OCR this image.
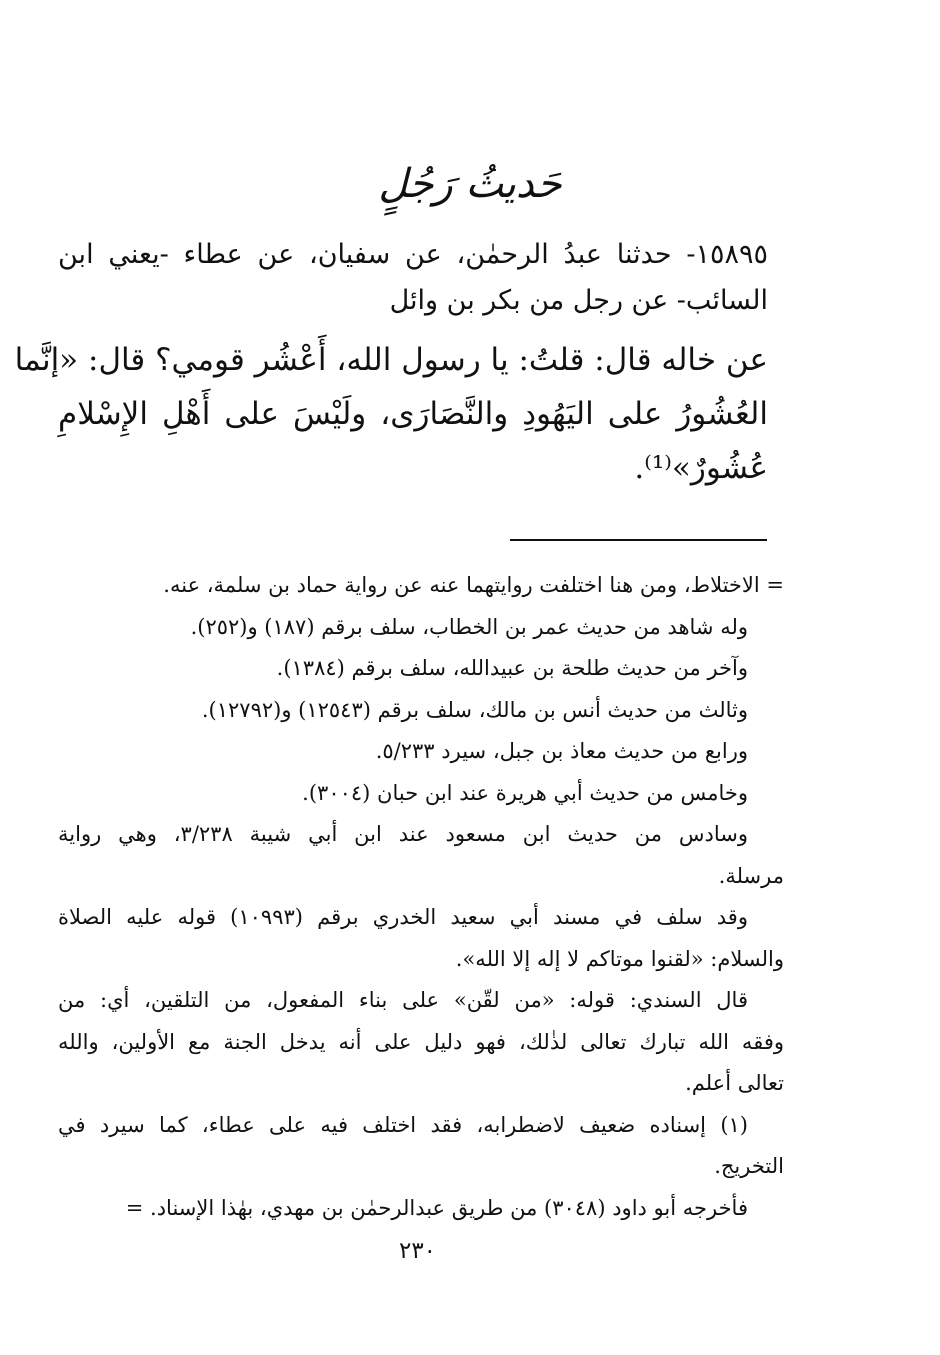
حَديثُ رَجُلٍ
١٥٨٩٥- حدثنا عبدُ الرحمٰن، عن سفيان، عن عطاء -يعني ابن
السائب- عن رجل من بكر بن وائل
عن خاله قال: قلتُ: يا رسول الله، أَعْشُر قومي؟ قال: «إنَّما
العُشُورُ على اليَهُودِ والنَّصَارَى، ولَيْسَ على أَهْلِ الإِسْلامِ
عُشُورٌ»⁽¹⁾.
= الاختلاط، ومن هنا اختلفت روايتهما عنه عن رواية حماد بن سلمة، عنه.
وله شاهد من حديث عمر بن الخطاب، سلف برقم (١٨٧) و(٢٥٢).
وآخر من حديث طلحة بن عبيدالله، سلف برقم (١٣٨٤).
وثالث من حديث أنس بن مالك، سلف برقم (١٢٥٤٣) و(١٢٧٩٢).
ورابع من حديث معاذ بن جبل، سيرد ٥/٢٣٣.
وخامس من حديث أبي هريرة عند ابن حبان (٣٠٠٤).
وسادس من حديث ابن مسعود عند ابن أبي شيبة ٣/٢٣٨، وهي رواية
مرسلة.
وقد سلف في مسند أبي سعيد الخدري برقم (١٠٩٩٣) قوله عليه الصلاة
والسلام: «لقنوا موتاكم لا إله إلا الله».
قال السندي: قوله: «من لقّن» على بناء المفعول، من التلقين، أي: من
وفقه الله تبارك تعالى لذٰلك، فهو دليل على أنه يدخل الجنة مع الأولين، والله
تعالى أعلم.
(١) إسناده ضعيف لاضطرابه، فقد اختلف فيه على عطاء، كما سيرد في
التخريج.
فأخرجه أبو داود (٣٠٤٨) من طريق عبدالرحمٰن بن مهدي، بهٰذا الإسناد. =
٢٣٠
